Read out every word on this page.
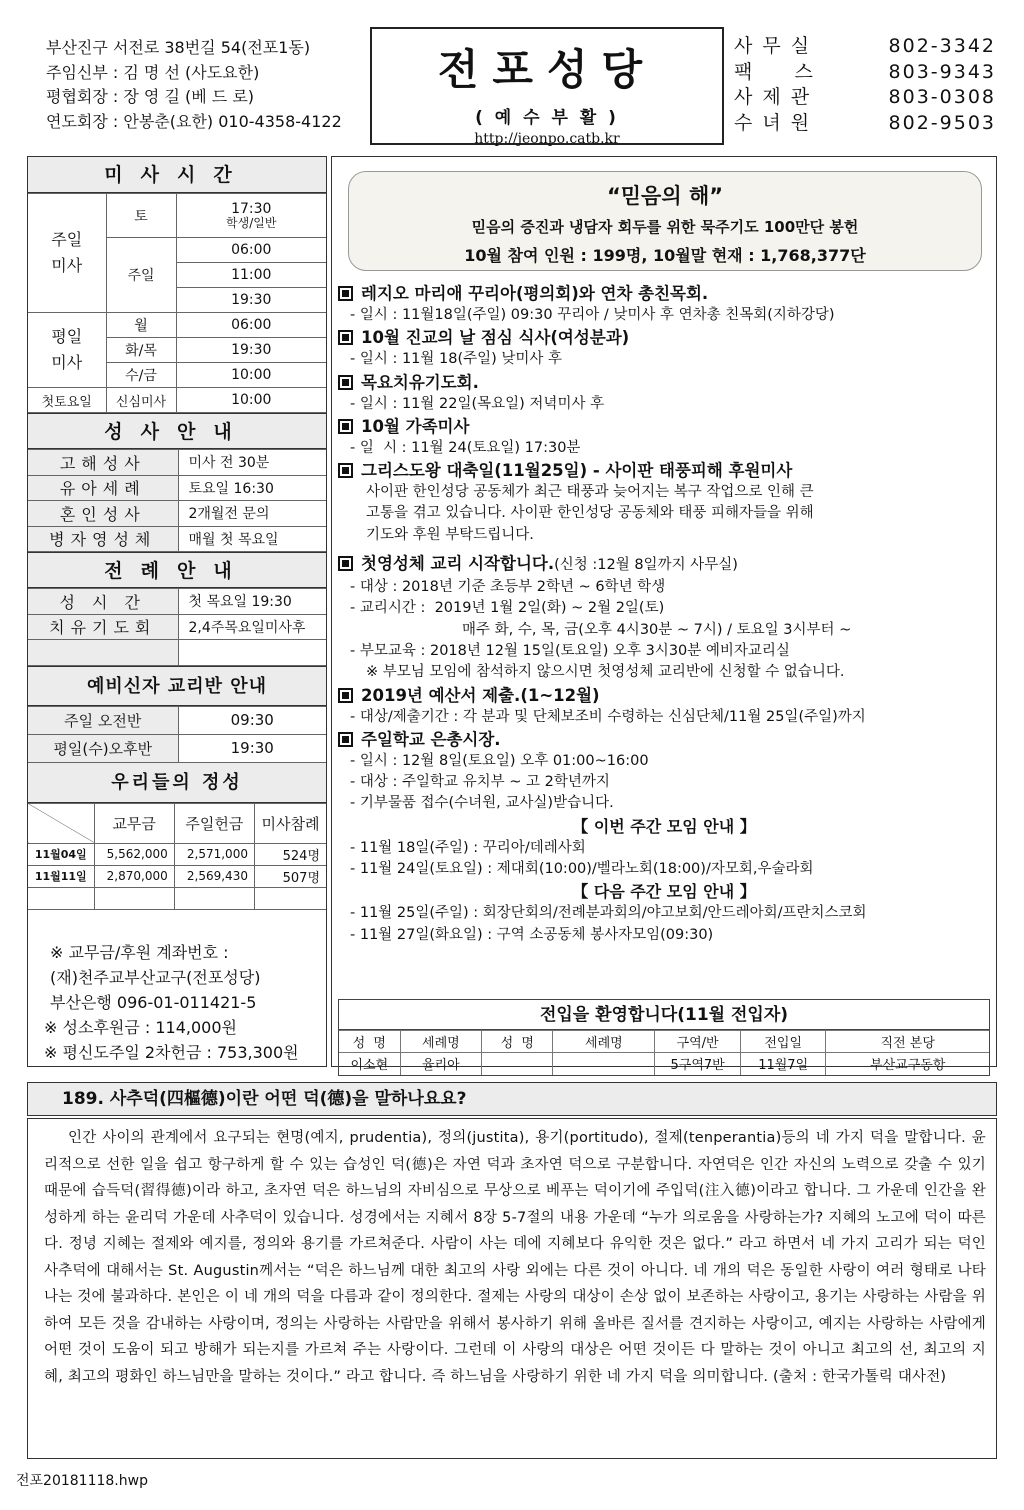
부산진구 서전로 38번길 54(전포1동)
주임신부 : 김 명 선 (사도요한)
평협회장 : 장 영 길 (베 드 로)
연도회장 : 안봉춘(요한) 010-4358-4122
전포성당
( 예 수 부 활 )
http://jeonpo.catb.kr
사 무 실	802-3342
팩     스	803-9343
사 제 관	803-0308
수 녀 원	802-9503
미사시간
주일 미사	토	17:30
학생/일반

	주일	06:00
		11:00
		19:30

평일 미사	월	06:00
	화/목	19:30
	수/금	10:00
첫토요일	신심미사	10:00
성사안내
고해성사	미사 전 30분
유아세례	토요일 16:30
혼인성사	2개월전 문의
병자영성체	매월 첫 목요일
전례안내
성 시 간	첫 목요일 19:30
치유기도회	2,4주목요일미사후

예비신자 교리반 안내
주일 오전반	09:30
평일(수)오후반	19:30
우리들의 정성
	교무금	주일헌금	미사참례
11월04일	5,562,000	2,571,000	524명
11월11일	2,870,000	2,569,430	507명

※ 교무금/후원 계좌번호 :
(재)천주교부산교구(전포성당)
부산은행 096-01-011421-5
※ 성소후원금 : 114,000원
※ 평신도주일 2차헌금 : 753,300원
“믿음의 해”
믿음의 증진과 냉담자 회두를 위한 묵주기도 100만단 봉헌
10월 참여 인원 : 199명, 10월말 현재 : 1,768,377단
레지오 마리애 꾸리아(평의회)와 연차 총친목회.
- 일시 : 11월18일(주일) 09:30 꾸리아 / 낮미사 후 연차총 친목회(지하강당)
10월 진교의 날 점심 식사(여성분과)
- 일시 : 11월 18(주일) 낮미사 후
목요치유기도회.
- 일시 : 11월 22일(목요일) 저녁미사 후
10월 가족미사
- 일  시 : 11월 24(토요일) 17:30분
그리스도왕 대축일(11월25일) - 사이판 태풍피해 후원미사
사이판 한인성당 공동체가 최근 태풍과 늦어지는 복구 작업으로 인해 큰
고통을 겪고 있습니다. 사이판 한인성당 공동체와 태풍 피해자들을 위해
기도와 후원 부탁드립니다.
첫영성체 교리 시작합니다.(신청 :12월 8일까지 사무실)
- 대상 : 2018년 기준 초등부 2학년 ~ 6학년 학생
- 교리시간 :  2019년 1월 2일(화) ~ 2월 2일(토)
매주 화, 수, 목, 금(오후 4시30분 ~ 7시) / 토요일 3시부터 ~
- 부모교육 : 2018년 12월 15일(토요일) 오후 3시30분 예비자교리실
※ 부모님 모임에 참석하지 않으시면 첫영성체 교리반에 신청할 수 없습니다.
2019년 예산서 제출.(1~12월)
- 대상/제출기간 : 각 분과 및 단체보조비 수령하는 신심단체/11월 25일(주일)까지
주일학교 은총시장.
- 일시 : 12월 8일(토요일) 오후 01:00~16:00
- 대상 : 주일학교 유치부 ~ 고 2학년까지
- 기부물품 접수(수녀원, 교사실)받습니다.
【 이번 주간 모임 안내 】
- 11월 18일(주일) : 꾸리아/데레사회
- 11월 24일(토요일) : 제대회(10:00)/벨라노회(18:00)/자모회,우술라회
【 다음 주간 모임 안내 】
- 11월 25일(주일) : 회장단회의/전례분과회의/야고보회/안드레아회/프란치스코회
- 11월 27일(화요일) : 구역 소공동체 봉사자모임(09:30)
전입을 환영합니다(11월 전입자)
성  명	세례명	성  명	세례명	구역/반	전입일	직전 본당
이소현	율리아			5구역7반	11월7일	부산교구동항
189. 사추덕(四樞德)이란 어떤 덕(德)을 말하나요요?
인간 사이의 관계에서 요구되는 현명(예지, prudentia), 정의(justita), 용기(portitudo), 절제(tenperantia)등의 네 가지 덕을 말합니다. 윤리적으로 선한 일을 쉽고 항구하게 할 수 있는 습성인 덕(德)은 자연 덕과 초자연 덕으로 구분합니다. 자연덕은 인간 자신의 노력으로 갖출 수 있기 때문에 습득덕(習得德)이라 하고, 초자연 덕은 하느님의 자비심으로 무상으로 베푸는 덕이기에 주입덕(注入德)이라고 합니다. 그 가운데 인간을 완성하게 하는 윤리덕 가운데 사추덕이 있습니다. 성경에서는 지혜서 8장 5-7절의 내용 가운데 “누가 의로움을 사랑하는가? 지혜의 노고에 덕이 따른다. 정녕 지혜는 절제와 예지를, 정의와 용기를 가르쳐준다. 사람이 사는 데에 지혜보다 유익한 것은 없다.” 라고 하면서 네 가지 고리가 되는 덕인 사추덕에 대해서는 St. Augustin께서는 “덕은 하느님께 대한 최고의 사랑 외에는 다른 것이 아니다. 네 개의 덕은 동일한 사랑이 여러 형태로 나타나는 것에 불과하다. 본인은 이 네 개의 덕을 다름과 같이 정의한다. 절제는 사랑의 대상이 손상 없이 보존하는 사랑이고, 용기는 사랑하는 사람을 위하여 모든 것을 감내하는 사랑이며, 정의는 사랑하는 사람만을 위해서 봉사하기 위해 올바른 질서를 견지하는 사랑이고, 예지는 사랑하는 사람에게 어떤 것이 도움이 되고 방해가 되는지를 가르쳐 주는 사랑이다. 그런데 이 사랑의 대상은 어떤 것이든 다 말하는 것이 아니고 최고의 선, 최고의 지혜, 최고의 평화인 하느님만을 말하는 것이다.” 라고 합니다. 즉 하느님을 사랑하기 위한 네 가지 덕을 의미합니다. (출처 : 한국가톨릭 대사전)
전포20181118.hwp
